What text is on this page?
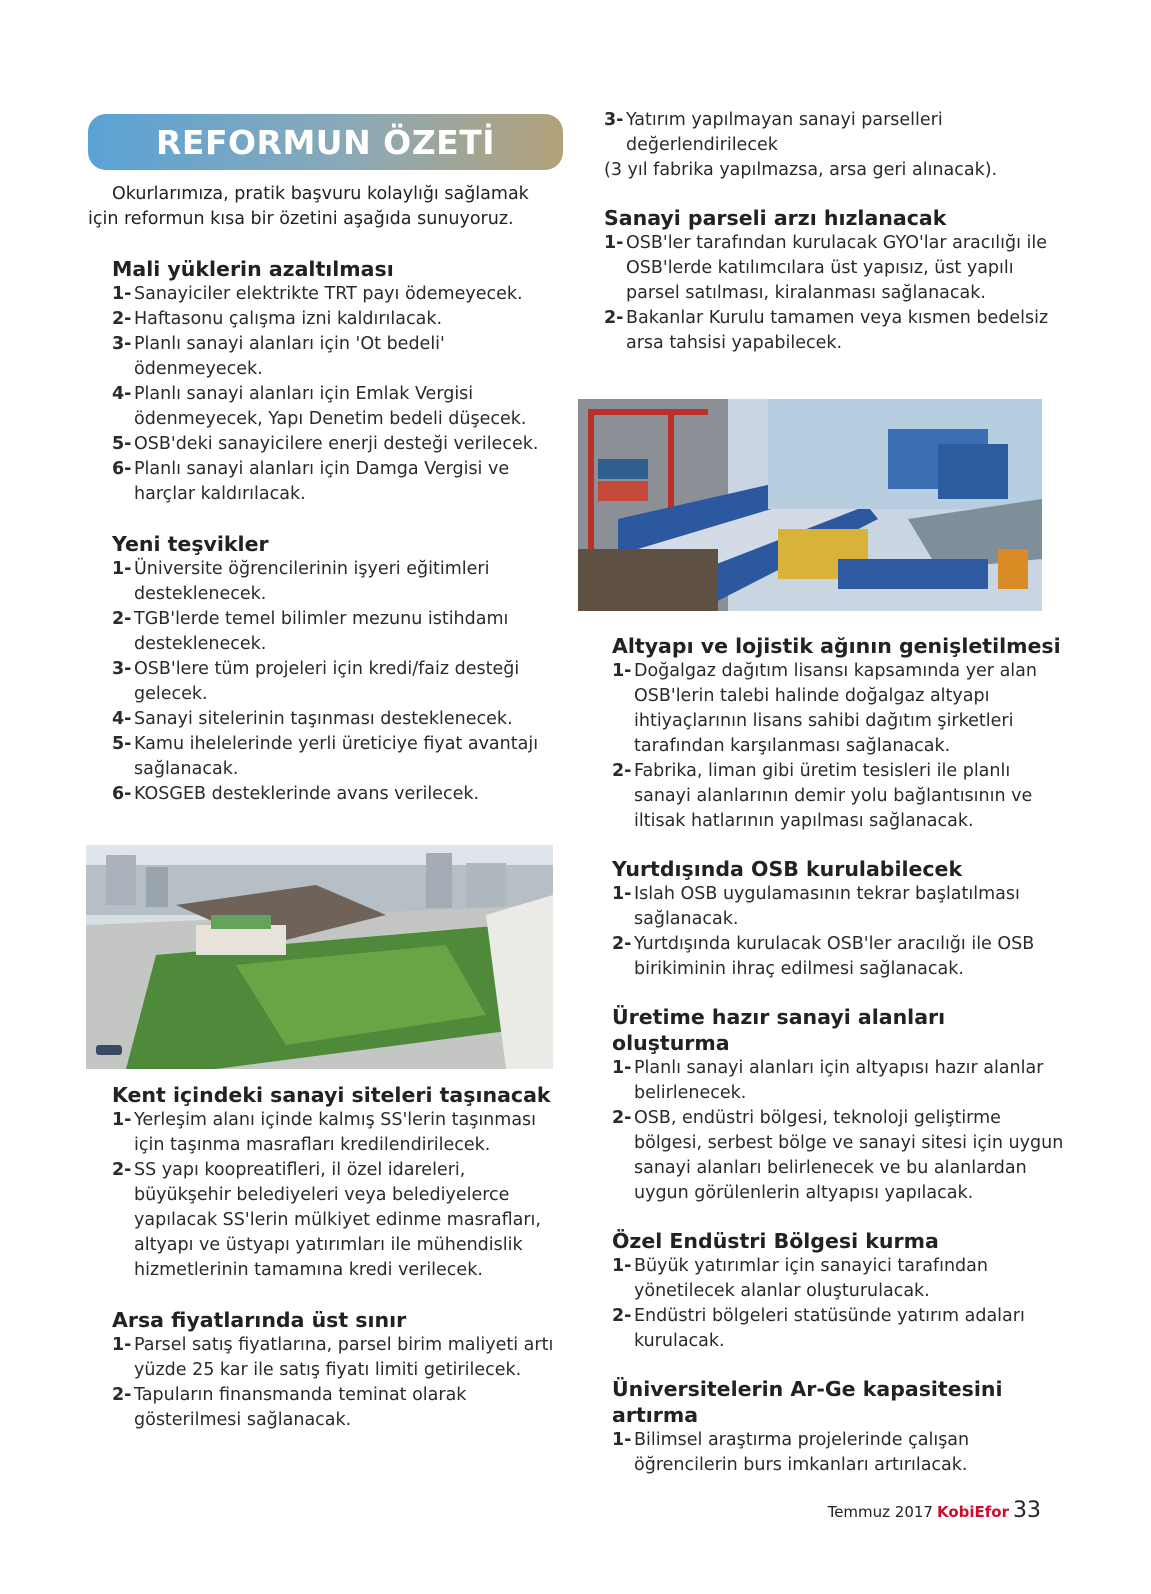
REFORMUN ÖZETİ

Okurlarımıza, pratik başvuru kolaylığı sağlamak için reformun kısa bir özetini aşağıda sunuyoruz.

Mali yüklerin azaltılması
1- Sanayiciler elektrikte TRT payı ödemeyecek.
2- Haftasonu çalışma izni kaldırılacak.
3- Planlı sanayi alanları için 'Ot bedeli' ödenmeyecek.
4- Planlı sanayi alanları için Emlak Vergisi ödenmeyecek, Yapı Denetim bedeli düşecek.
5- OSB'deki sanayicilere enerji desteği verilecek.
6- Planlı sanayi alanları için Damga Vergisi ve harçlar kaldırılacak.
Yeni teşvikler
1- Üniversite öğrencilerinin işyeri eğitimleri desteklenecek.
2- TGB'lerde temel bilimler mezunu istihdamı desteklenecek.
3- OSB'lere tüm projeleri için kredi/faiz desteği gelecek.
4- Sanayi sitelerinin taşınması desteklenecek.
5- Kamu ihelelerinde yerli üreticiye fiyat avantajı sağlanacak.
6- KOSGEB desteklerinde avans verilecek.
Kent içindeki sanayi siteleri taşınacak
1- Yerleşim alanı içinde kalmış SS'lerin taşınması için taşınma masrafları kredilendirilecek.
2- SS yapı koopreatifleri, il özel idareleri, büyükşehir belediyeleri veya belediyelerce yapılacak SS'lerin mülkiyet edinme masrafları, altyapı ve üstyapı yatırımları ile mühendislik hizmetlerinin tamamına kredi verilecek.
Arsa fiyatlarında üst sınır
1- Parsel satış fiyatlarına, parsel birim maliyeti artı yüzde 25 kar ile satış fiyatı limiti getirilecek.
2- Tapuların finansmanda teminat olarak gösterilmesi sağlanacak.
3- Yatırım yapılmayan sanayi parselleri değerlendirilecek
(3 yıl fabrika yapılmazsa, arsa geri alınacak).
Sanayi parseli arzı hızlanacak
1- OSB'ler tarafından kurulacak GYO'lar aracılığı ile OSB'lerde katılımcılara üst yapısız, üst yapılı parsel satılması, kiralanması sağlanacak.
2- Bakanlar Kurulu tamamen veya kısmen bedelsiz arsa tahsisi yapabilecek.
Altyapı ve lojistik ağının genişletilmesi
1- Doğalgaz dağıtım lisansı kapsamında yer alan OSB'lerin talebi halinde doğalgaz altyapı ihtiyaçlarının lisans sahibi dağıtım şirketleri tarafından karşılanması sağlanacak.
2- Fabrika, liman gibi üretim tesisleri ile planlı sanayi alanlarının demir yolu bağlantısının ve iltisak hatlarının yapılması sağlanacak.
Yurtdışında OSB kurulabilecek
1- Islah OSB uygulamasının tekrar başlatılması sağlanacak.
2- Yurtdışında kurulacak OSB'ler aracılığı ile OSB birikiminin ihraç edilmesi sağlanacak.
Üretime hazır sanayi alanları oluşturma
1- Planlı sanayi alanları için altyapısı hazır alanlar belirlenecek.
2- OSB, endüstri bölgesi, teknoloji geliştirme bölgesi, serbest bölge ve sanayi sitesi için uygun sanayi alanları belirlenecek ve bu alanlardan uygun görülenlerin altyapısı yapılacak.
Özel Endüstri Bölgesi kurma
1- Büyük yatırımlar için sanayici tarafından yönetilecek alanlar oluşturulacak.
2- Endüstri bölgeleri statüsünde yatırım adaları kurulacak.
Üniversitelerin Ar-Ge kapasitesini artırma
1- Bilimsel araştırma projelerinde çalışan öğrencilerin burs imkanları artırılacak.
Temmuz 2017 KobiEfor 33
